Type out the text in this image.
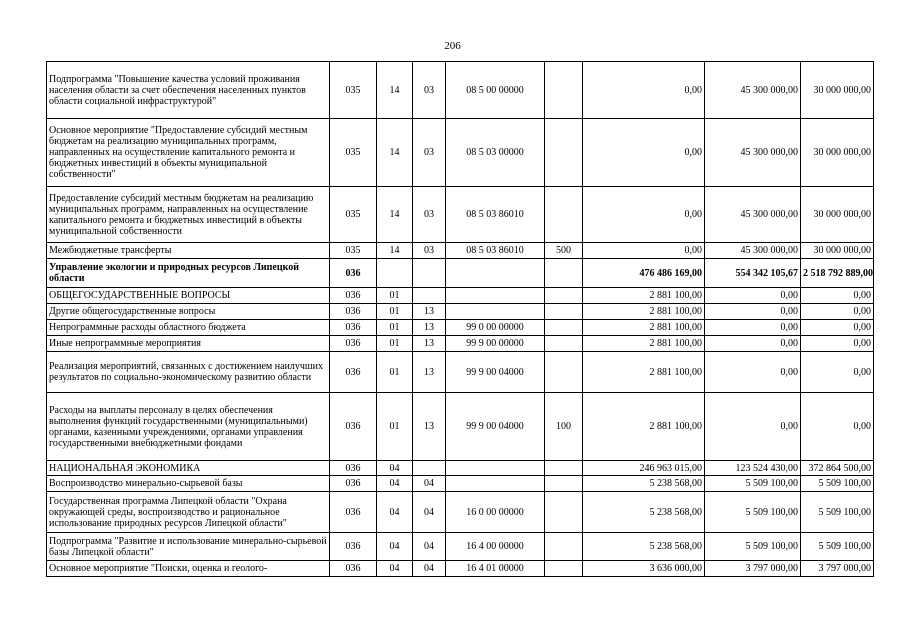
206
Подпрограмма "Повышение качества условий проживания населения области за счет обеспечения населенных пунктов области социальной инфраструктурой"	035	14	03	08 5 00 00000		0,00	45 300 000,00	30 000 000,00
Основное мероприятие "Предоставление субсидий местным бюджетам на реализацию муниципальных программ, направленных на осуществление капитального ремонта и бюджетных инвестиций в объекты муниципальной собственности"	035	14	03	08 5 03 00000		0,00	45 300 000,00	30 000 000,00
Предоставление субсидий местным бюджетам на реализацию муниципальных программ, направленных на осуществление капитального ремонта и бюджетных инвестиций в объекты муниципальной собственности	035	14	03	08 5 03 86010		0,00	45 300 000,00	30 000 000,00
Межбюджетные трансферты	035	14	03	08 5 03 86010	500	0,00	45 300 000,00	30 000 000,00
Управление экологии и природных ресурсов Липецкой области	036					476 486 169,00	554 342 105,67	2 518 792 889,00
ОБЩЕГОСУДАРСТВЕННЫЕ ВОПРОСЫ	036	01				2 881 100,00	0,00	0,00
Другие общегосударственные вопросы	036	01	13			2 881 100,00	0,00	0,00
Непрограммные расходы областного бюджета	036	01	13	99 0 00 00000		2 881 100,00	0,00	0,00
Иные непрограммные мероприятия	036	01	13	99 9 00 00000		2 881 100,00	0,00	0,00
Реализация мероприятий, связанных с достижением наилучших результатов по социально-экономическому развитию области	036	01	13	99 9 00 04000		2 881 100,00	0,00	0,00
Расходы на выплаты персоналу в целях обеспечения выполнения функций государственными (муниципальными) органами, казенными учреждениями, органами управления государственными внебюджетными фондами	036	01	13	99 9 00 04000	100	2 881 100,00	0,00	0,00
НАЦИОНАЛЬНАЯ ЭКОНОМИКА	036	04				246 963 015,00	123 524 430,00	372 864 500,00
Воспроизводство минерально-сырьевой базы	036	04	04			5 238 568,00	5 509 100,00	5 509 100,00
Государственная программа Липецкой области "Охрана окружающей среды, воспроизводство и рациональное использование природных ресурсов Липецкой области"	036	04	04	16 0 00 00000		5 238 568,00	5 509 100,00	5 509 100,00
Подпрограмма "Развитие и использование минерально-сырьевой базы Липецкой области"	036	04	04	16 4 00 00000		5 238 568,00	5 509 100,00	5 509 100,00
Основное мероприятие "Поиски, оценка и геолого-	036	04	04	16 4 01 00000		3 636 000,00	3 797 000,00	3 797 000,00
